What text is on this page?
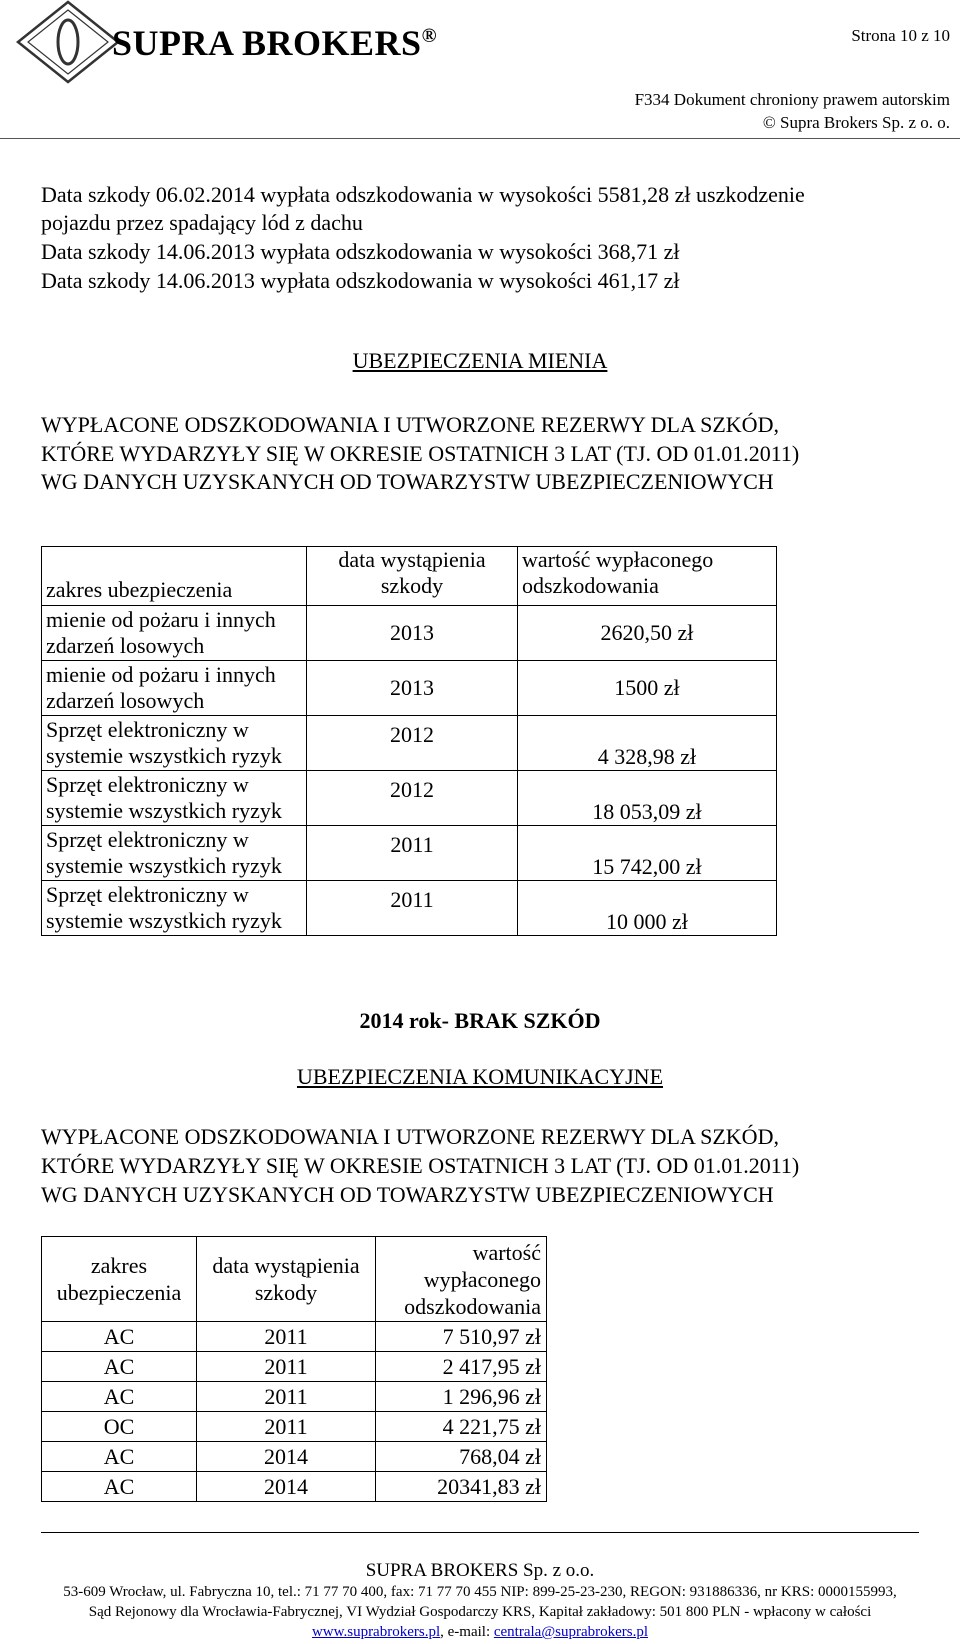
SUPRA BROKERS®	Strona 10 z 10
F334 Dokument chroniony prawem autorskim
© Supra Brokers Sp. z o. o.
Data szkody 06.02.2014 wypłata odszkodowania w wysokości 5581,28 zł uszkodzenie
pojazdu przez spadający lód z dachu
Data szkody 14.06.2013 wypłata odszkodowania w wysokości 368,71 zł
Data szkody 14.06.2013 wypłata odszkodowania w wysokości 461,17 zł
UBEZPIECZENIA MIENIA
WYPŁACONE ODSZKODOWANIA I UTWORZONE REZERWY DLA SZKÓD,
KTÓRE WYDARZYŁY SIĘ W OKRESIE OSTATNICH 3 LAT (TJ. OD 01.01.2011)
WG DANYCH UZYSKANYCH OD TOWARZYSTW UBEZPIECZENIOWYCH
zakres ubezpieczenia	data wystąpienia szkody	wartość wypłaconego odszkodowania
mienie od pożaru i innych zdarzeń losowych	2013	2620,50 zł
mienie od pożaru i innych zdarzeń losowych	2013	1500 zł
Sprzęt elektroniczny w systemie wszystkich ryzyk	2012	4 328,98 zł
Sprzęt elektroniczny w systemie wszystkich ryzyk	2012	18 053,09 zł
Sprzęt elektroniczny w systemie wszystkich ryzyk	2011	15 742,00 zł
Sprzęt elektroniczny w systemie wszystkich ryzyk	2011	10 000 zł
2014 rok- BRAK SZKÓD
UBEZPIECZENIA KOMUNIKACYJNE
WYPŁACONE ODSZKODOWANIA I UTWORZONE REZERWY DLA SZKÓD,
KTÓRE WYDARZYŁY SIĘ W OKRESIE OSTATNICH 3 LAT (TJ. OD 01.01.2011)
WG DANYCH UZYSKANYCH OD TOWARZYSTW UBEZPIECZENIOWYCH
zakres ubezpieczenia	data wystąpienia szkody	wartość wypłaconego odszkodowania
AC	2011	7 510,97 zł
AC	2011	2 417,95 zł
AC	2011	1 296,96 zł
OC	2011	4 221,75 zł
AC	2014	768,04 zł
AC	2014	20341,83 zł
SUPRA BROKERS Sp. z o.o.
53-609 Wrocław, ul. Fabryczna 10, tel.: 71 77 70 400, fax: 71 77 70 455 NIP: 899-25-23-230, REGON: 931886336, nr KRS: 0000155993,
Sąd Rejonowy dla Wrocławia-Fabrycznej, VI Wydział Gospodarczy KRS, Kapitał zakładowy: 501 800 PLN - wpłacony w całości
www.suprabrokers.pl, e-mail: centrala@suprabrokers.pl
